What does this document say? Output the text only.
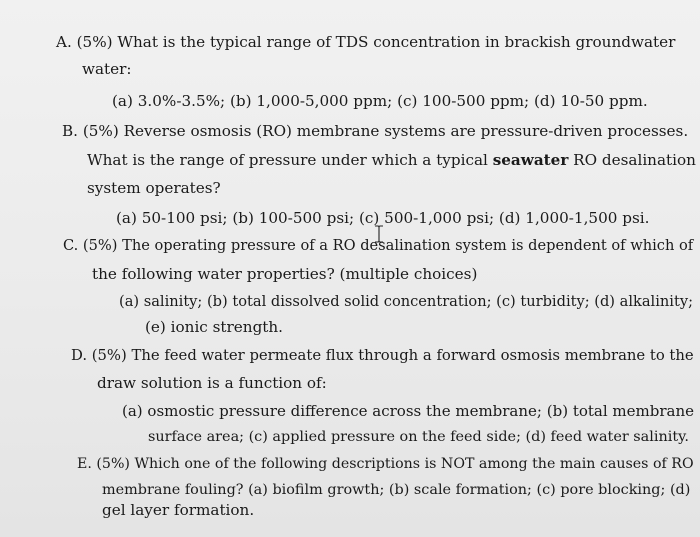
A. (5%) What is the typical range of TDS concentration in brackish groundwater
water:
(a) 3.0%-3.5%; (b) 1,000-5,000 ppm; (c) 100-500 ppm; (d) 10-50 ppm.
B. (5%) Reverse osmosis (RO) membrane systems are pressure-driven processes.
What is the range of pressure under which a typical seawater RO desalination
system operates?
(a) 50-100 psi; (b) 100-500 psi; (c) 500-1,000 psi; (d) 1,000-1,500 psi.
C. (5%) The operating pressure of a RO desalination system is dependent of which of
the following water properties? (multiple choices)
(a) salinity; (b) total dissolved solid concentration; (c) turbidity; (d) alkalinity;
(e) ionic strength.
D. (5%) The feed water permeate flux through a forward osmosis membrane to the
draw solution is a function of:
(a) osmostic pressure difference across the membrane; (b) total membrane
surface area; (c) applied pressure on the feed side; (d) feed water salinity.
E. (5%) Which one of the following descriptions is NOT among the main causes of RO
membrane fouling? (a) biofilm growth; (b) scale formation; (c) pore blocking; (d)
gel layer formation.
